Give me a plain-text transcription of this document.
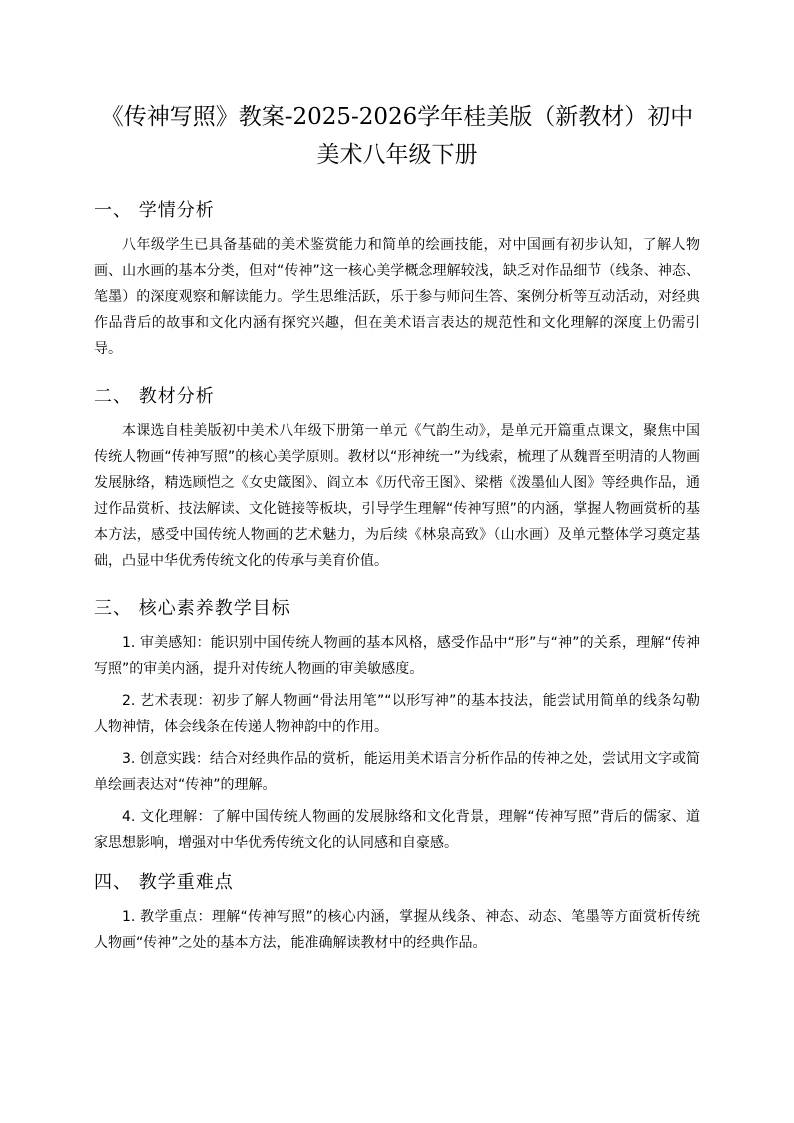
《传神写照》教案-2025-2026学年桂美版（新教材）初中
美术八年级下册
一、 学情分析

八年级学生已具备基础的美术鉴赏能力和简单的绘画技能，对中国画有初步认知，了解人物画、山水画的基本分类，但对“传神”这一核心美学概念理解较浅，缺乏对作品细节（线条、神态、笔墨）的深度观察和解读能力。学生思维活跃，乐于参与师问生答、案例分析等互动活动，对经典作品背后的故事和文化内涵有探究兴趣，但在美术语言表达的规范性和文化理解的深度上仍需引导。

二、 教材分析

本课选自桂美版初中美术八年级下册第一单元《气韵生动》，是单元开篇重点课文，聚焦中国传统人物画“传神写照”的核心美学原则。教材以“形神统一”为线索，梳理了从魏晋至明清的人物画发展脉络，精选顾恺之《女史箴图》、阎立本《历代帝王图》、梁楷《泼墨仙人图》等经典作品，通过作品赏析、技法解读、文化链接等板块，引导学生理解“传神写照”的内涵，掌握人物画赏析的基本方法，感受中国传统人物画的艺术魅力，为后续《林泉高致》（山水画）及单元整体学习奠定基础，凸显中华优秀传统文化的传承与美育价值。

三、 核心素养教学目标

1. 审美感知：能识别中国传统人物画的基本风格，感受作品中“形”与“神”的关系，理解“传神写照”的审美内涵，提升对传统人物画的审美敏感度。

2. 艺术表现：初步了解人物画“骨法用笔”“以形写神”的基本技法，能尝试用简单的线条勾勒人物神情，体会线条在传递人物神韵中的作用。

3. 创意实践：结合对经典作品的赏析，能运用美术语言分析作品的传神之处，尝试用文字或简单绘画表达对“传神”的理解。

4. 文化理解：了解中国传统人物画的发展脉络和文化背景，理解“传神写照”背后的儒家、道家思想影响，增强对中华优秀传统文化的认同感和自豪感。

四、 教学重难点

1. 教学重点：理解“传神写照”的核心内涵，掌握从线条、神态、动态、笔墨等方面赏析传统人物画“传神”之处的基本方法，能准确解读教材中的经典作品。
